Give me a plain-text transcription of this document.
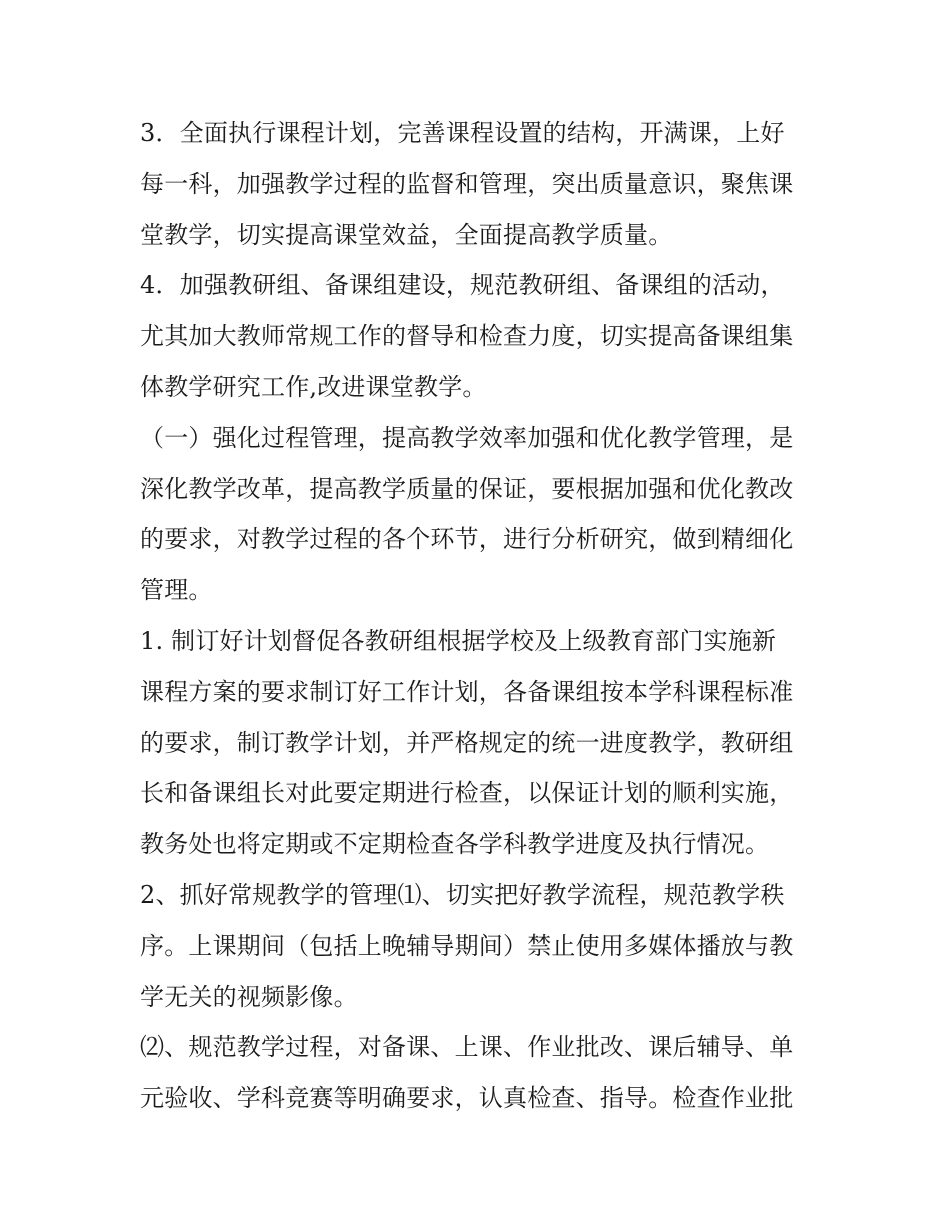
3．全面执行课程计划，完善课程设置的结构，开满课，上好
每一科，加强教学过程的监督和管理，突出质量意识，聚焦课
堂教学，切实提高课堂效益，全面提高教学质量。
4．加强教研组、备课组建设，规范教研组、备课组的活动，
尤其加大教师常规工作的督导和检查力度，切实提高备课组集
体教学研究工作,改进课堂教学。
（一）强化过程管理，提高教学效率加强和优化教学管理，是
深化教学改革，提高教学质量的保证，要根据加强和优化教改
的要求，对教学过程的各个环节，进行分析研究，做到精细化
管理。
1. 制订好计划督促各教研组根据学校及上级教育部门实施新
课程方案的要求制订好工作计划，各备课组按本学科课程标准
的要求，制订教学计划，并严格规定的统一进度教学，教研组
长和备课组长对此要定期进行检查，以保证计划的顺利实施，
教务处也将定期或不定期检查各学科教学进度及执行情况。
2、抓好常规教学的管理⑴、切实把好教学流程，规范教学秩
序。上课期间（包括上晚辅导期间）禁止使用多媒体播放与教
学无关的视频影像。
⑵、规范教学过程，对备课、上课、作业批改、课后辅导、单
元验收、学科竞赛等明确要求，认真检查、指导。检查作业批
